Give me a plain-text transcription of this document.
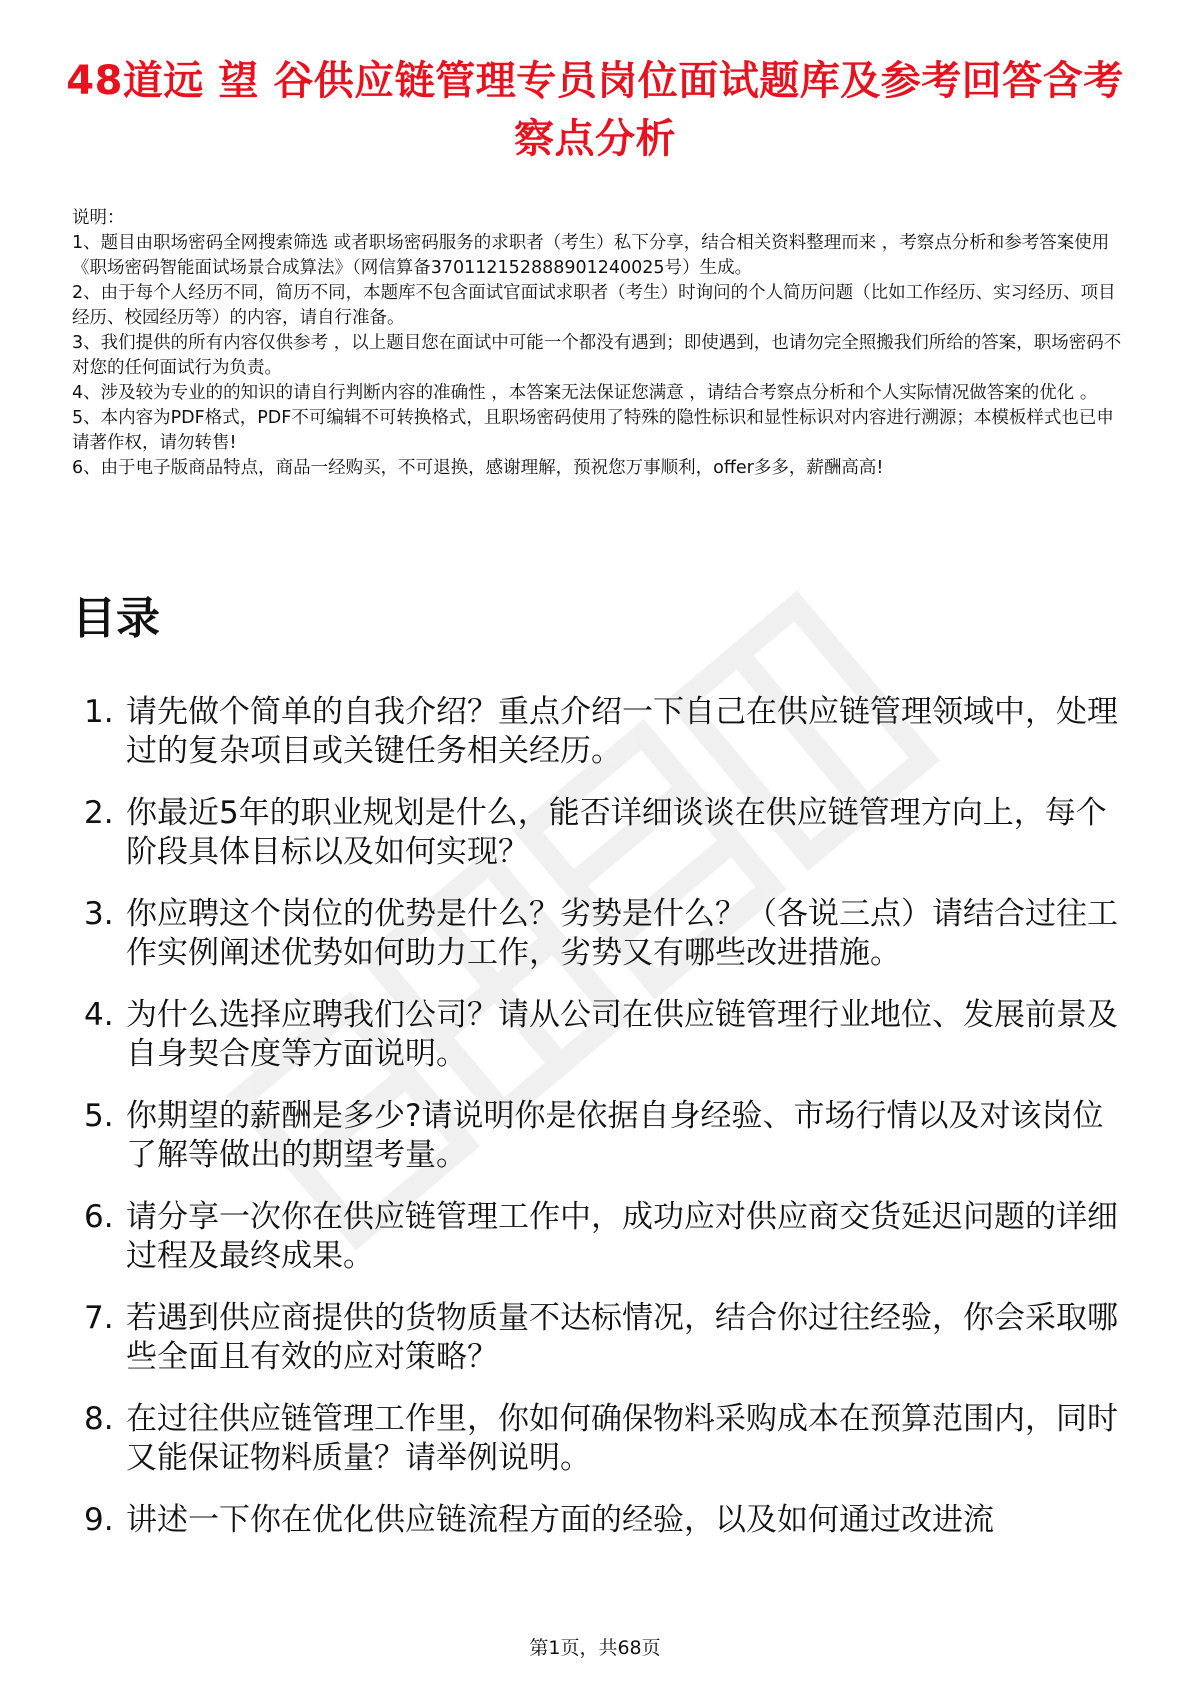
48道远 望 谷供应链管理专员岗位面试题库及参考回答含考察点分析

说明：

1、题目由职场密码全网搜索筛选 或者职场密码服务的求职者（考生）私下分享，结合相关资料整理而来 ，考察点分析和参考答案使用《职场密码智能面试场景合成算法》（网信算备370112152888901240025号）生成。

2、由于每个人经历不同，简历不同，本题库不包含面试官面试求职者（考生）时询问的个人简历问题（比如工作经历、实习经历、项目经历、校园经历等）的内容，请自行准备。

3、我们提供的所有内容仅供参考 ，以上题目您在面试中可能一个都没有遇到；即使遇到，也请勿完全照搬我们所给的答案，职场密码不对您的任何面试行为负责。

4、涉及较为专业的的知识的请自行判断内容的准确性 ，本答案无法保证您满意 ，请结合考察点分析和个人实际情况做答案的优化 。

5、本内容为PDF格式，PDF不可编辑不可转换格式，且职场密码使用了特殊的隐性标识和显性标识对内容进行溯源；本模板样式也已申请著作权，请勿转售!

6、由于电子版商品特点，商品一经购买，不可退换，感谢理解，预祝您万事顺利，offer多多，薪酬高高!

目录
1. 请先做个简单的自我介绍？重点介绍一下自己在供应链管理领域中，处理过的复杂项目或关键任务相关经历。
2. 你最近5年的职业规划是什么，能否详细谈谈在供应链管理方向上，每个阶段具体目标以及如何实现？
3. 你应聘这个岗位的优势是什么？劣势是什么？（各说三点）请结合过往工作实例阐述优势如何助力工作，劣势又有哪些改进措施。
4. 为什么选择应聘我们公司？请从公司在供应链管理行业地位、发展前景及自身契合度等方面说明。
5. 你期望的薪酬是多少?请说明你是依据自身经验、市场行情以及对该岗位了解等做出的期望考量。
6. 请分享一次你在供应链管理工作中，成功应对供应商交货延迟问题的详细过程及最终成果。
7. 若遇到供应商提供的货物质量不达标情况，结合你过往经验，你会采取哪些全面且有效的应对策略？
8. 在过往供应链管理工作里，你如何确保物料采购成本在预算范围内，同时又能保证物料质量？请举例说明。
9. 讲述一下你在优化供应链流程方面的经验，以及如何通过改进流
第1页，共68页
